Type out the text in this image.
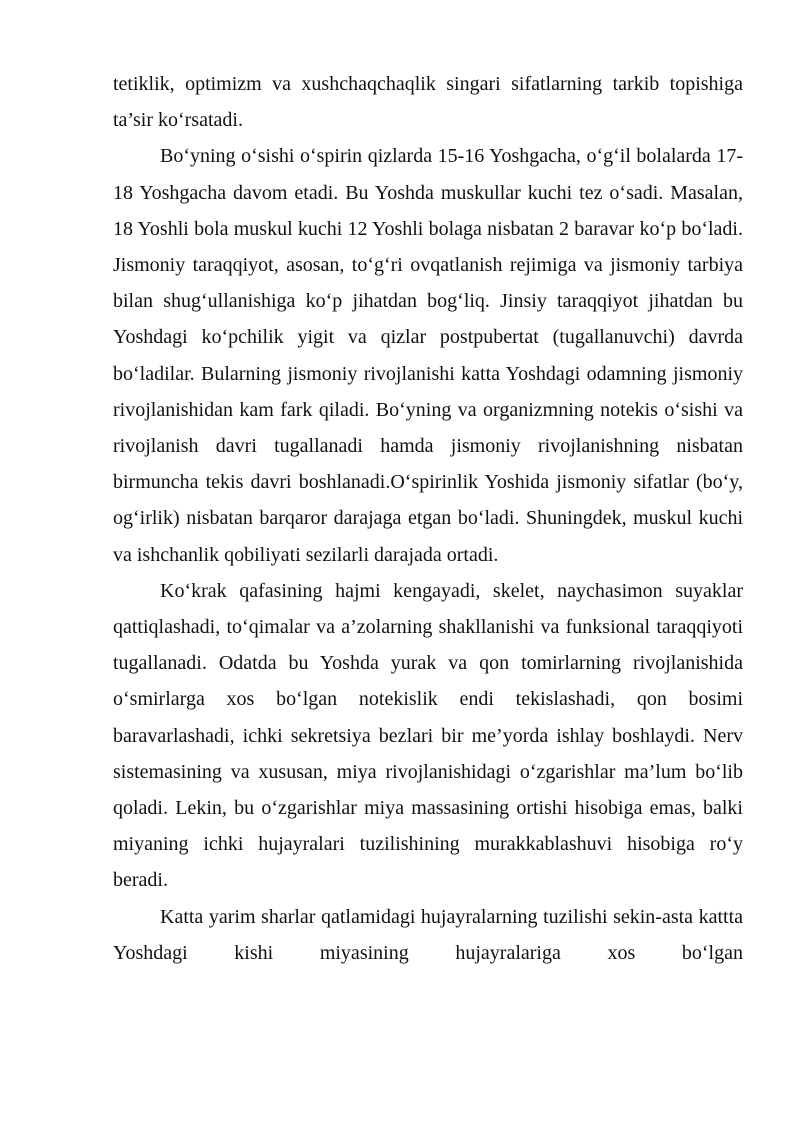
tetiklik, optimizm va xushchaqchaqlik singari sifatlarning tarkib topishiga ta’sir ko‘rsatadi.

Bo‘yning o‘sishi o‘spirin qizlarda 15-16 Yoshgacha, o‘g‘il bolalarda 17-18 Yoshgacha davom etadi. Bu Yoshda muskullar kuchi tez o‘sadi. Masalan, 18 Yoshli bola muskul kuchi 12 Yoshli bolaga nisbatan 2 baravar ko‘p bo‘ladi. Jismoniy taraqqiyot, asosan, to‘g‘ri ovqatlanish rejimiga va jismoniy tarbiya bilan shug‘ullanishiga ko‘p jihatdan bog‘liq. Jinsiy taraqqiyot jihatdan bu Yoshdagi ko‘pchilik yigit va qizlar postpubertat (tugallanuvchi) davrda bo‘ladilar. Bularning jismoniy rivojlanishi katta Yoshdagi odamning jismoniy rivojlanishidan kam fark qiladi. Bo‘yning va organizmning notekis o‘sishi va rivojlanish davri tugallanadi hamda jismoniy rivojlanishning nisbatan birmuncha tekis davri boshlanadi.O‘spirinlik Yoshida jismoniy sifatlar (bo‘y, og‘irlik) nisbatan barqaror darajaga etgan bo‘ladi. Shuningdek, muskul kuchi va ishchanlik qobiliyati sezilarli darajada ortadi.

Ko‘krak qafasining hajmi kengayadi, skelet, naychasimon suyaklar qattiqlashadi, to‘qimalar va a’zolarning shakllanishi va funksional taraqqiyoti tugallanadi. Odatda bu Yoshda yurak va qon tomirlarning rivojlanishida o‘smirlarga xos bo‘lgan notekislik endi tekislashadi, qon bosimi baravarlashadi, ichki sekretsiya bezlari bir me’yorda ishlay boshlaydi. Nerv sistemasining va xususan, miya rivojlanishidagi o‘zgarishlar ma’lum bo‘lib qoladi. Lekin, bu o‘zgarishlar miya massasining ortishi hisobiga emas, balki miyaning ichki hujayralari tuzilishining murakkablashuvi hisobiga ro‘y beradi.

Katta yarim sharlar qatlamidagi hujayralarning tuzilishi sekin-asta kattta Yoshdagi kishi miyasining hujayralariga xos bo‘lgan
